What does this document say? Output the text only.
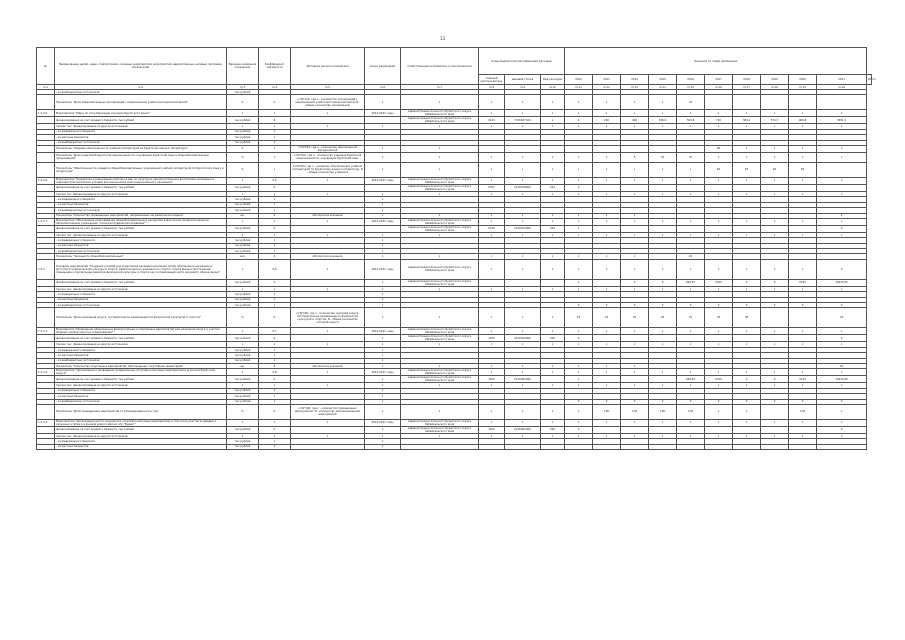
13
№	Наименование целей, задач, подпрограмм, основных мероприятий, мероприятий, ведомственных целевых программ, показателей	Единица измерения показателя	Коэффициент значимости	Методика расчета показателя	Сроки реализации	Ответственный исполнитель и соисполнители	Коды бюджетной классификации расходов			Значения по годам реализации										
							Главный распоря-дитель	Целевая статья	Вид расходов	2012	2013	2014	2015	2016	2017	2018	2019	2020	2021	Итого
гр.1	гр.2	гр.3	гр.4	гр.5	гр.6	гр.7	гр.8	гр.9	гр.10	гр.11	гр.12	гр.13	гр.14	гр.15	гр.16	гр.17	гр.18	гр.19	гр.20	
	- из внебюджетных источников	тыс.рублей																		
	Показатель "Доля образовательных организаций с национальной учебно-методической базой"	%	0	n=N*100, где n - количество организаций с национальной учебно-методической базой, N - общее количество организаций	х	х	х	х	х	х	х	х	х	32						
1.2.2.5.	Мероприятие "Меры по популяризации изучения бурятского языка"	х	1	х	2014-2021 годы	Администрация Агинского Бурятского округа Забайкальского края	х	х	х	х	х	х	х	х	х	х	х	х	х	
	финансирование за счет краевого бюджета, тыс.рублей	тыс.рублей	0			Администрация Агинского Бурятского округа Забайкальского края	0113	7130107106	х	0	200	400	766,9	593,8	720	384,1	574,7	966,8	3651,2	
	прочие тыс. финансирование из других источников:	х	х	х	х	х	х	х	х	х	х	х	х	х	х	х	х	х	х	
	- из федерального бюджета	тыс.рублей	х																	
	- из местных бюджетов	тыс.рублей	х																	
	- из внебюджетных источников	тыс.рублей	х																	
	Показатель "Средняя обеспеченность учебной литературой на бурятском языке и литературе"	%	х	n=N*100, где n - количество обеспеченной методической	х	х									40	х	х	х	х	
	Показатель "Доля родителей бурятской национальности, изучающих бурятский язык в общеобразовательных организациях"	%	х	n=N*100, где n - количество учеников бурятской национальности, изучающих бурятский язык	х	х	х	х	х	х	х	5	70	70	х	х	х	х	х	
	Показатель "Обеспеченность учащихся общеобразовательных учреждений учебной литературой по бурятскому языку и литературе"	%	х	n=N*100, где n - учеников, обеспеченных учебной литературой по бурятскому языку и литературе, N - общее количество учащихся	х	х	х	х	х	х	х	х	х	х	62	63	64	65		
1.2.2.6.	Мероприятие "Разработка и реализация комплекса мер по культурно-просветительному воспитанию молодежи в освоении благоприятных условий для школьников многонационального населения"	х	0,5	х	2014-2021 годы	Администрация Агинского Бурятского округа Забайкальского края	х	х	х	х	х	х	х	х	х	х	х	х	х	
	финансирование за счет краевого бюджета, тыс.рублей	тыс.рублей	0			Администрация Агинского Бурятского округа Забайкальского края	0707	2130109000	244	0										
	прочие тыс. финансирование из других источников:	х	х	х	х	х	х	х	х	х	х	х	х	х	х	х	х	х	х	
	- из федерального бюджета	тыс.рублей	х		х															
	- из местных бюджетов	тыс.рублей	х		х															
	- из внебюджетных источников	тыс.рублей	х		х															
	Показатель "Количество проведенных мероприятий, направленных на развитие молодежи"	ед.	0	абсолютное значение	х	х	х	х	х	х	х	х							4	
1.2.2.7.	Мероприятие "Обеспечение преподавания общеобразовательных дисциплин в Дэнтнском профессиональном образовательном учреждении "Агинская буддийская Академия""	х	1	х	2014-2021 годы	Администрация Агинского Бурятского округа Забайкальского края	х	х	х	х	х	х	х	х	х	х	х	х	х	
	финансирование за счет краевого бюджета, тыс.рублей	тыс.рублей	0			Администрация Агинского Бурятского округа Забайкальского края	0736	2130107000	244	х									0	
	прочие тыс. финансирование из других источников:	х	х	х	х	х	х	х	х	х	х	х	х	х	х	х	х	х	х	
	- из федерального бюджета	тыс.рублей	х		х															
	- из местных бюджетов	тыс.рублей	х		х															
	- из внебюджетных источников	тыс.рублей	х		х															
	Показатель "Заочный по общеобразовательным"	чел.	0	абсолютное значение	х	х	х	х	х	х	х	х		22						
1.2.3.	Основное мероприятие "Создание условий для укрепления здоровья населения путем обеспечения населения в доступности физической культуры и спорта, развития детско-юношеского спорта, спорта высших достижений, повышение и пропаганды развития физической культуры и спорта как составляющей части здорового образа жизни"	х	0,8	х	2014-2021 годы	Администрация Агинского Бурятского округа Забайкальского края	х	х	х	х	х	х	х	х	х	х	х	х	0	
	финансирование за счет краевого бюджета, тыс.рублей	тыс.рублей	0		х	Администрация Агинского Бурятского округа Забайкальского края				х		0	0	649,45	4325	0	0	5145	10419,45	
	прочие тыс. финансирование из других источников:	х	х	х	х	х	х	х	х	х	х	х	х	х	х	х	х	х	х	
	- из федерального бюджета	тыс.рублей	х		х															
	- из местных бюджетов	тыс.рублей	х		х															
	- из внебюджетных источников	тыс.рублей	х		х					0	0	0	0	0	0	0	0	0	0	
	Показатель "Доля населения округа, систематически занимающегося физической культурой и спортом"	%	0	n=N*100, где n - количество жителей округа, систематически занимающихся физической культурой и спортом, N - общее количество жителей округа	х	х	х	х	х	23	24	25	26	31	35	38			44	
1.2.3.1.	Мероприятие "Проведение официальных физкультурных и спортивных мероприятий для населения округа и участие сборных команд округа в соревнованиях"	х	0,7	х	2014-2021 годы	Администрация Агинского Бурятского округа Забайкальского края	х	х	х	х	х	х	х	х	х	х	х	х	х	
	финансирование за счет краевого бюджета, тыс.рублей	тыс.рублей	0		х	Администрация Агинского Бурятского округа Забайкальского края	1105	2130301000	240	0									0	
	прочие тыс. финансирование из других источников:	х	х	х	х	х	х	х	х	х	х	х	х	х	х	х	х	х	х	
	- из федерального бюджета	тыс.рублей	х		х															
	- из местных бюджетов	тыс.рублей	х		х															
	- из внебюджетных источников	тыс.рублей	х		х															
	Показатель "Количество спортивных мероприятий, обеспеченных спортивным инвентарем"	ед.	0	абсолютное значение	х	х	х	х	х	х	х	х							20	
1.2.3.2.	Мероприятие "Организация и проведение традиционных спортивно-массовых мероприятий в Агинском Бурятском округе"	х	0,8	х	2014-2021 годы	Администрация Агинского Бурятского округа Забайкальского края	х	х	х	х	х	х	х	х	х	х	х	х	х	
	финансирование за счет краевого бюджета, тыс.рублей	тыс.рублей	0		х	Администрация Агинского Бурятского округа Забайкальского края	1102	2130301040		х				649,45	4325	0	0	5145	10419,45	
	прочие тыс. финансирование из других источников:	х	х	х	х	х	х	х	х	х	х	х	х	х	х	х	х	х	х	
	- из федерального бюджета	тыс.рублей	х		х															
	- из местных бюджетов	тыс.рублей	х		х															
	- из внебюджетных источников	тыс.рублей	х		х					0	0	0	0	0	0	0	0	0	0	
	Показатель "Доля проведенных мероприятий от запланированного в год"	%	0	n=N*100, где n - количество проведенных мероприятий, N - количество запланированных мероприятий	х	х	х	х	х	х	100	100	100	100	х	х		100	х	
1.2.3.3.	Мероприятие "Организация детско-юношеских спортивно-массовых мероприятий, в том числе участие в краевых и окружных этапах и в финале всероссийских игр "Будем""	х	1	х	2014-2021 годы	Администрация Агинского Бурятского округа Забайкальского края	х	х	х	х	х	х	х	х	х	х	х	х	х	
	финансирование за счет краевого бюджета, тыс.рублей	тыс.рублей	0		х	Администрация Агинского Бурятского округа Забайкальского края	1105	2130301000	246	0									0	
	прочие тыс. финансирование из других источников:	х	х	х	х	х	х	х	х	х	х	х	х	х	х	х	х	х	х	
	- из федерального бюджета	тыс.рублей	х		х															
	- из местных бюджетов	тыс.рублей	х		х															
